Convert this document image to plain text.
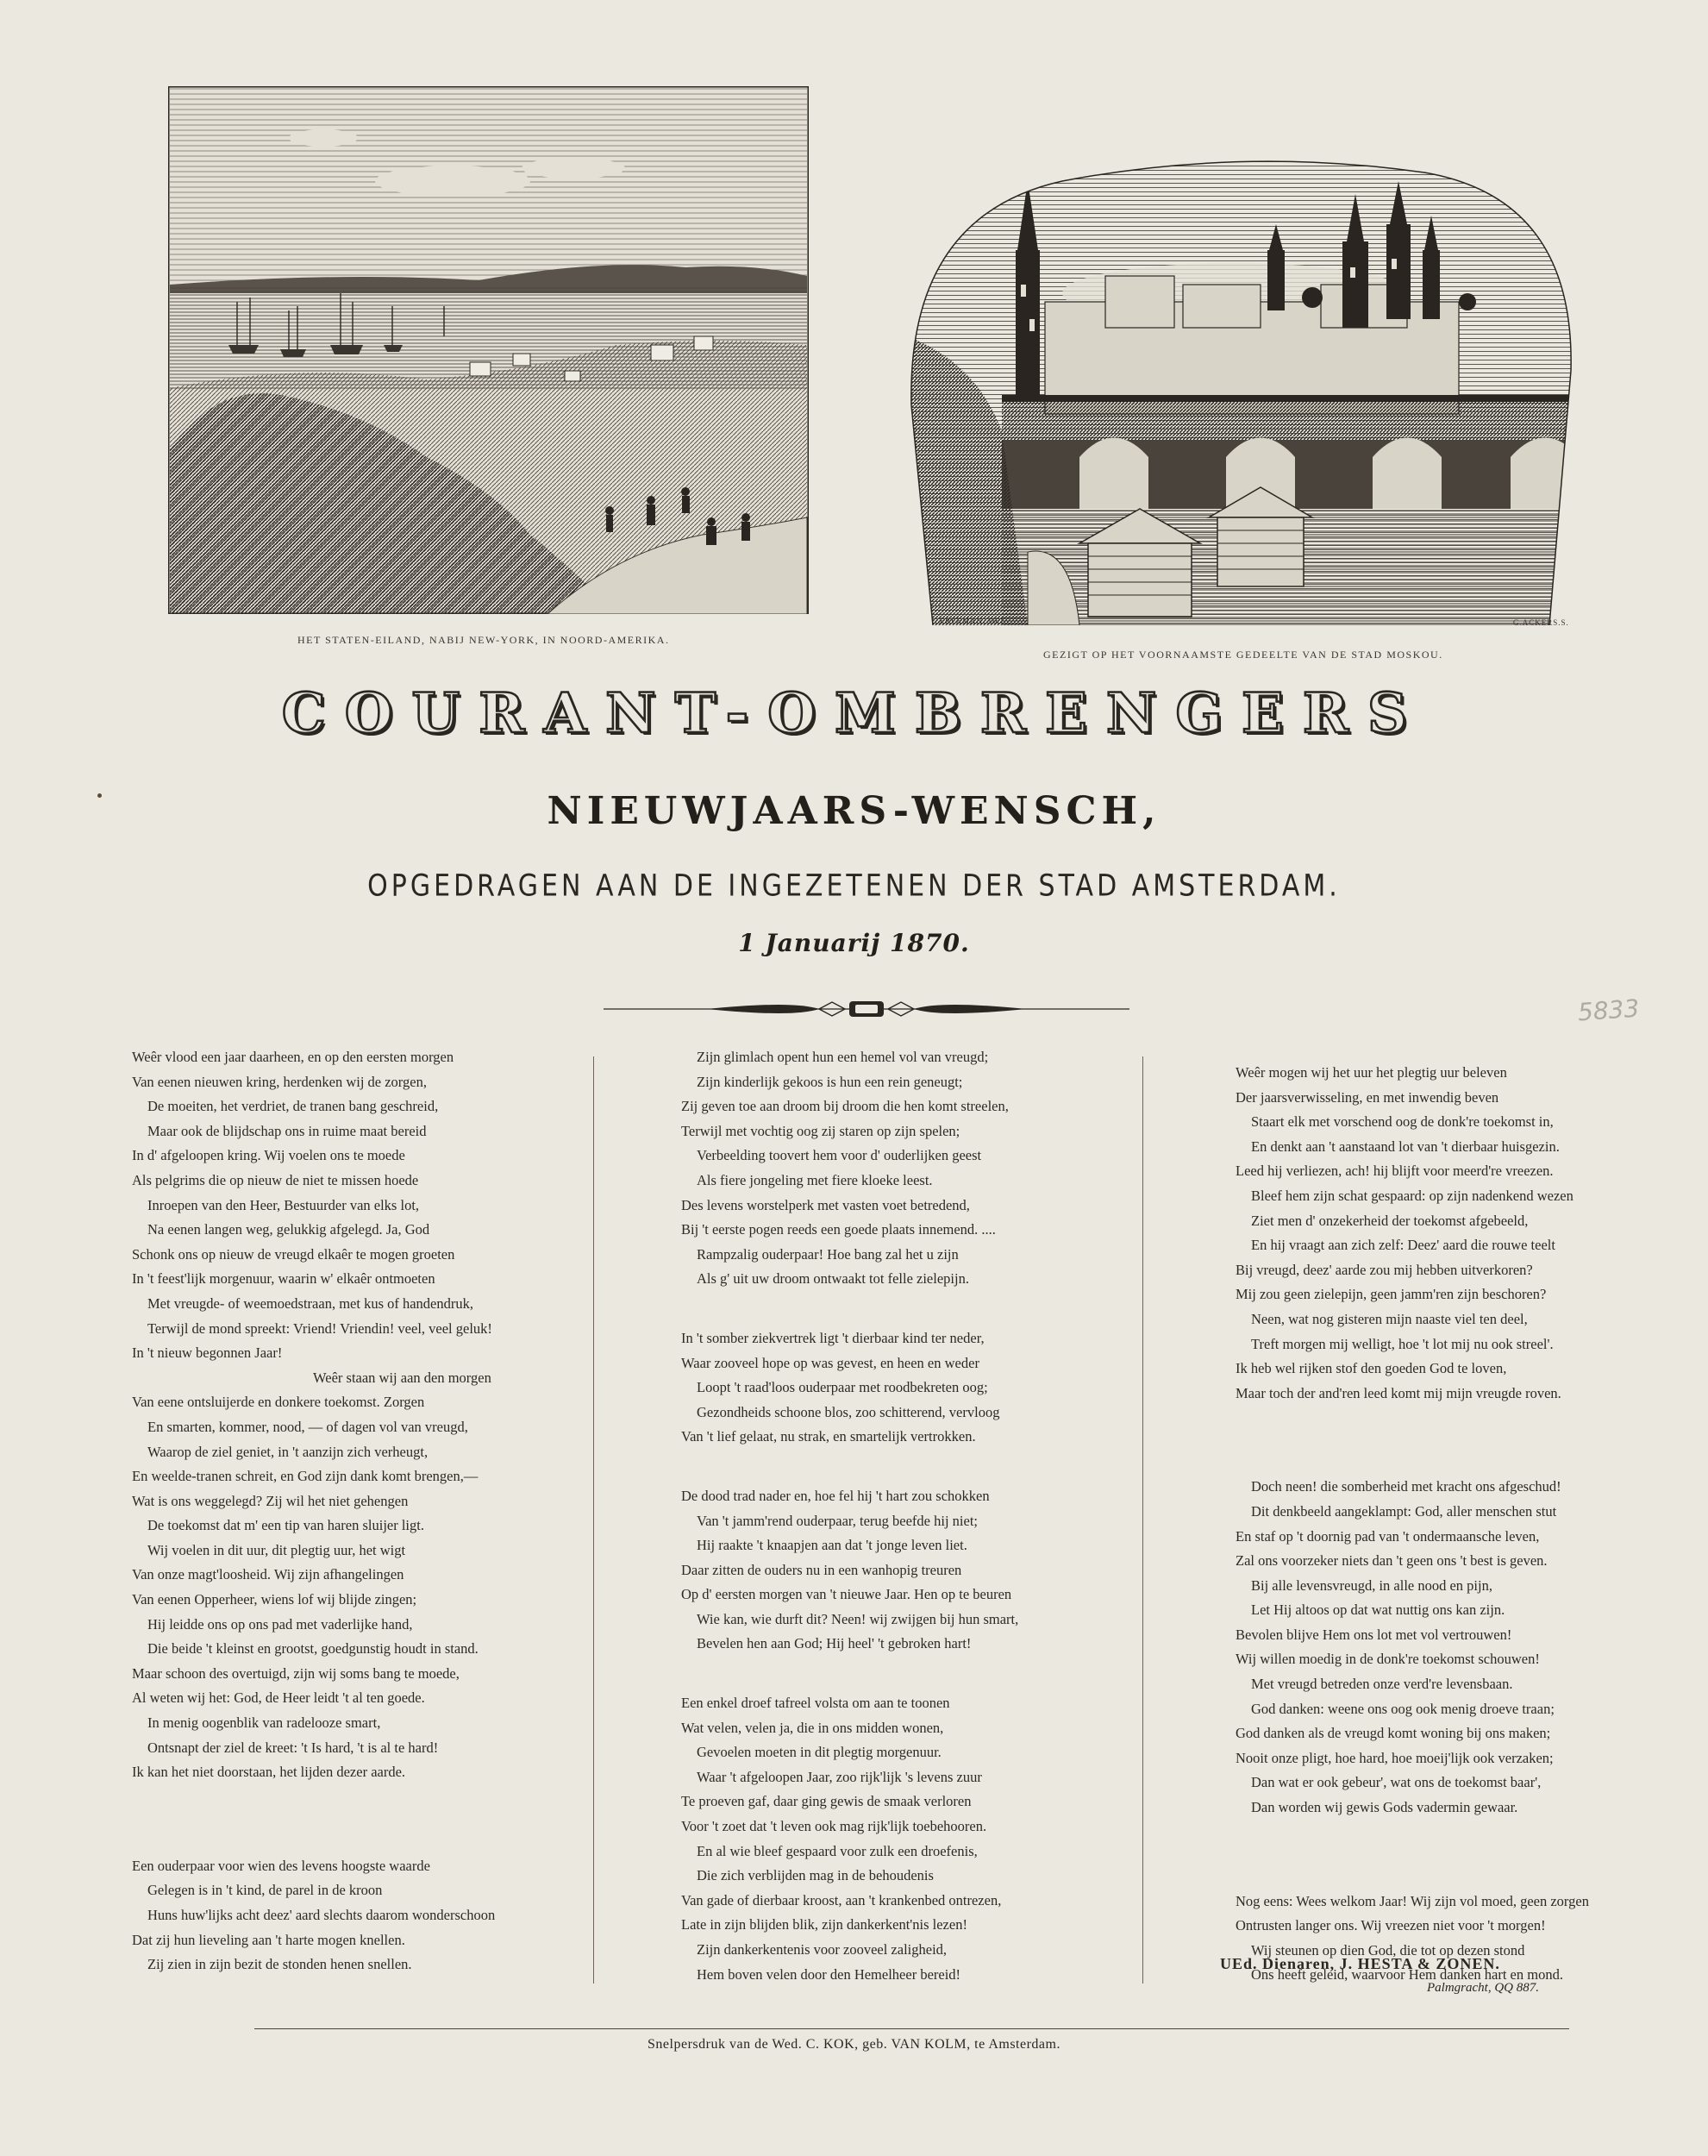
HET STATEN-EILAND, NABIJ NEW-YORK, IN NOORD-AMERIKA.
FREEMAN. DEL.	G.ACKERS.S.
GEZIGT OP HET VOORNAAMSTE GEDEELTE VAN DE STAD MOSKOU.
COURANT-OMBRENGERS
NIEUWJAARS-WENSCH,
OPGEDRAGEN AAN DE INGEZETENEN DER STAD AMSTERDAM.
1 Januarij 1870.
5833
Weêr vlood een jaar daarheen, en op den eersten morgen
Van eenen nieuwen kring, herdenken wij de zorgen,
De moeiten, het verdriet, de tranen bang geschreid,
Maar ook de blijdschap ons in ruime maat bereid
In d' afgeloopen kring. Wij voelen ons te moede
Als pelgrims die op nieuw de niet te missen hoede
Inroepen van den Heer, Bestuurder van elks lot,
Na eenen langen weg, gelukkig afgelegd. Ja, God
Schonk ons op nieuw de vreugd elkaêr te mogen groeten
In 't feest'lijk morgenuur, waarin w' elkaêr ontmoeten
Met vreugde- of weemoedstraan, met kus of handendruk,
Terwijl de mond spreekt: Vriend! Vriendin! veel, veel geluk!
In 't nieuw begonnen Jaar!
Weêr staan wij aan den morgen
Van eene ontsluijerde en donkere toekomst. Zorgen
En smarten, kommer, nood, — of dagen vol van vreugd,
Waarop de ziel geniet, in 't aanzijn zich verheugt,
En weelde-tranen schreit, en God zijn dank komt brengen,—
Wat is ons weggelegd? Zij wil het niet gehengen
De toekomst dat m' een tip van haren sluijer ligt.
Wij voelen in dit uur, dit plegtig uur, het wigt
Van onze magt'loosheid. Wij zijn afhangelingen
Van eenen Opperheer, wiens lof wij blijde zingen;
Hij leidde ons op ons pad met vaderlijke hand,
Die beide 't kleinst en grootst, goedgunstig houdt in stand.
Maar schoon des overtuigd, zijn wij soms bang te moede,
Al weten wij het: God, de Heer leidt 't al ten goede.
In menig oogenblik van radelooze smart,
Ontsnapt der ziel de kreet: 't Is hard, 't is al te hard!
Ik kan het niet doorstaan, het lijden dezer aarde.
Een ouderpaar voor wien des levens hoogste waarde
Gelegen is in 't kind, de parel in de kroon
Huns huw'lijks acht deez' aard slechts daarom wonderschoon
Dat zij hun lieveling aan 't harte mogen knellen.
Zij zien in zijn bezit de stonden henen snellen.
Zijn glimlach opent hun een hemel vol van vreugd;
Zijn kinderlijk gekoos is hun een rein geneugt;
Zij geven toe aan droom bij droom die hen komt streelen,
Terwijl met vochtig oog zij staren op zijn spelen;
Verbeelding toovert hem voor d' ouderlijken geest
Als fiere jongeling met fiere kloeke leest.
Des levens worstelperk met vasten voet betredend,
Bij 't eerste pogen reeds een goede plaats innemend. ....
Rampzalig ouderpaar! Hoe bang zal het u zijn
Als g' uit uw droom ontwaakt tot felle zielepijn.
In 't somber ziekvertrek ligt 't dierbaar kind ter neder,
Waar zooveel hope op was gevest, en heen en weder
Loopt 't raad'loos ouderpaar met roodbekreten oog;
Gezondheids schoone blos, zoo schitterend, vervloog
Van 't lief gelaat, nu strak, en smartelijk vertrokken.
De dood trad nader en, hoe fel hij 't hart zou schokken
Van 't jamm'rend ouderpaar, terug beefde hij niet;
Hij raakte 't knaapjen aan dat 't jonge leven liet.
Daar zitten de ouders nu in een wanhopig treuren
Op d' eersten morgen van 't nieuwe Jaar. Hen op te beuren
Wie kan, wie durft dit? Neen! wij zwijgen bij hun smart,
Bevelen hen aan God; Hij heel' 't gebroken hart!
Een enkel droef tafreel volsta om aan te toonen
Wat velen, velen ja, die in ons midden wonen,
Gevoelen moeten in dit plegtig morgenuur.
Waar 't afgeloopen Jaar, zoo rijk'lijk 's levens zuur
Te proeven gaf, daar ging gewis de smaak verloren
Voor 't zoet dat 't leven ook mag rijk'lijk toebehooren.
En al wie bleef gespaard voor zulk een droefenis,
Die zich verblijden mag in de behoudenis
Van gade of dierbaar kroost, aan 't krankenbed ontrezen,
Late in zijn blijden blik, zijn dankerkent'nis lezen!
Zijn dankerkentenis voor zooveel zaligheid,
Hem boven velen door den Hemelheer bereid!
Weêr mogen wij het uur het plegtig uur beleven
Der jaarsverwisseling, en met inwendig beven
Staart elk met vorschend oog de donk're toekomst in,
En denkt aan 't aanstaand lot van 't dierbaar huisgezin.
Leed hij verliezen, ach! hij blijft voor meerd're vreezen.
Bleef hem zijn schat gespaard: op zijn nadenkend wezen
Ziet men d' onzekerheid der toekomst afgebeeld,
En hij vraagt aan zich zelf: Deez' aard die rouwe teelt
Bij vreugd, deez' aarde zou mij hebben uitverkoren?
Mij zou geen zielepijn, geen jamm'ren zijn beschoren?
Neen, wat nog gisteren mijn naaste viel ten deel,
Treft morgen mij welligt, hoe 't lot mij nu ook streel'.
Ik heb wel rijken stof den goeden God te loven,
Maar toch der and'ren leed komt mij mijn vreugde roven.
Doch neen! die somberheid met kracht ons afgeschud!
Dit denkbeeld aangeklampt: God, aller menschen stut
En staf op 't doornig pad van 't ondermaansche leven,
Zal ons voorzeker niets dan 't geen ons 't best is geven.
Bij alle levensvreugd, in alle nood en pijn,
Let Hij altoos op dat wat nuttig ons kan zijn.
Bevolen blijve Hem ons lot met vol vertrouwen!
Wij willen moedig in de donk're toekomst schouwen!
Met vreugd betreden onze verd're levensbaan.
God danken: weene ons oog ook menig droeve traan;
God danken als de vreugd komt woning bij ons maken;
Nooit onze pligt, hoe hard, hoe moeij'lijk ook verzaken;
Dan wat er ook gebeur', wat ons de toekomst baar',
Dan worden wij gewis Gods vadermin gewaar.
Nog eens: Wees welkom Jaar! Wij zijn vol moed, geen zorgen
Ontrusten langer ons. Wij vreezen niet voor 't morgen!
Wij steunen op dien God, die tot op dezen stond
Ons heeft geleid, waarvoor Hem danken hart en mond.
UEd. Dienaren, J. HESTA & ZONEN.
Palmgracht, QQ 887.
Snelpersdruk van de Wed. C. KOK, geb. VAN KOLM, te Amsterdam.
